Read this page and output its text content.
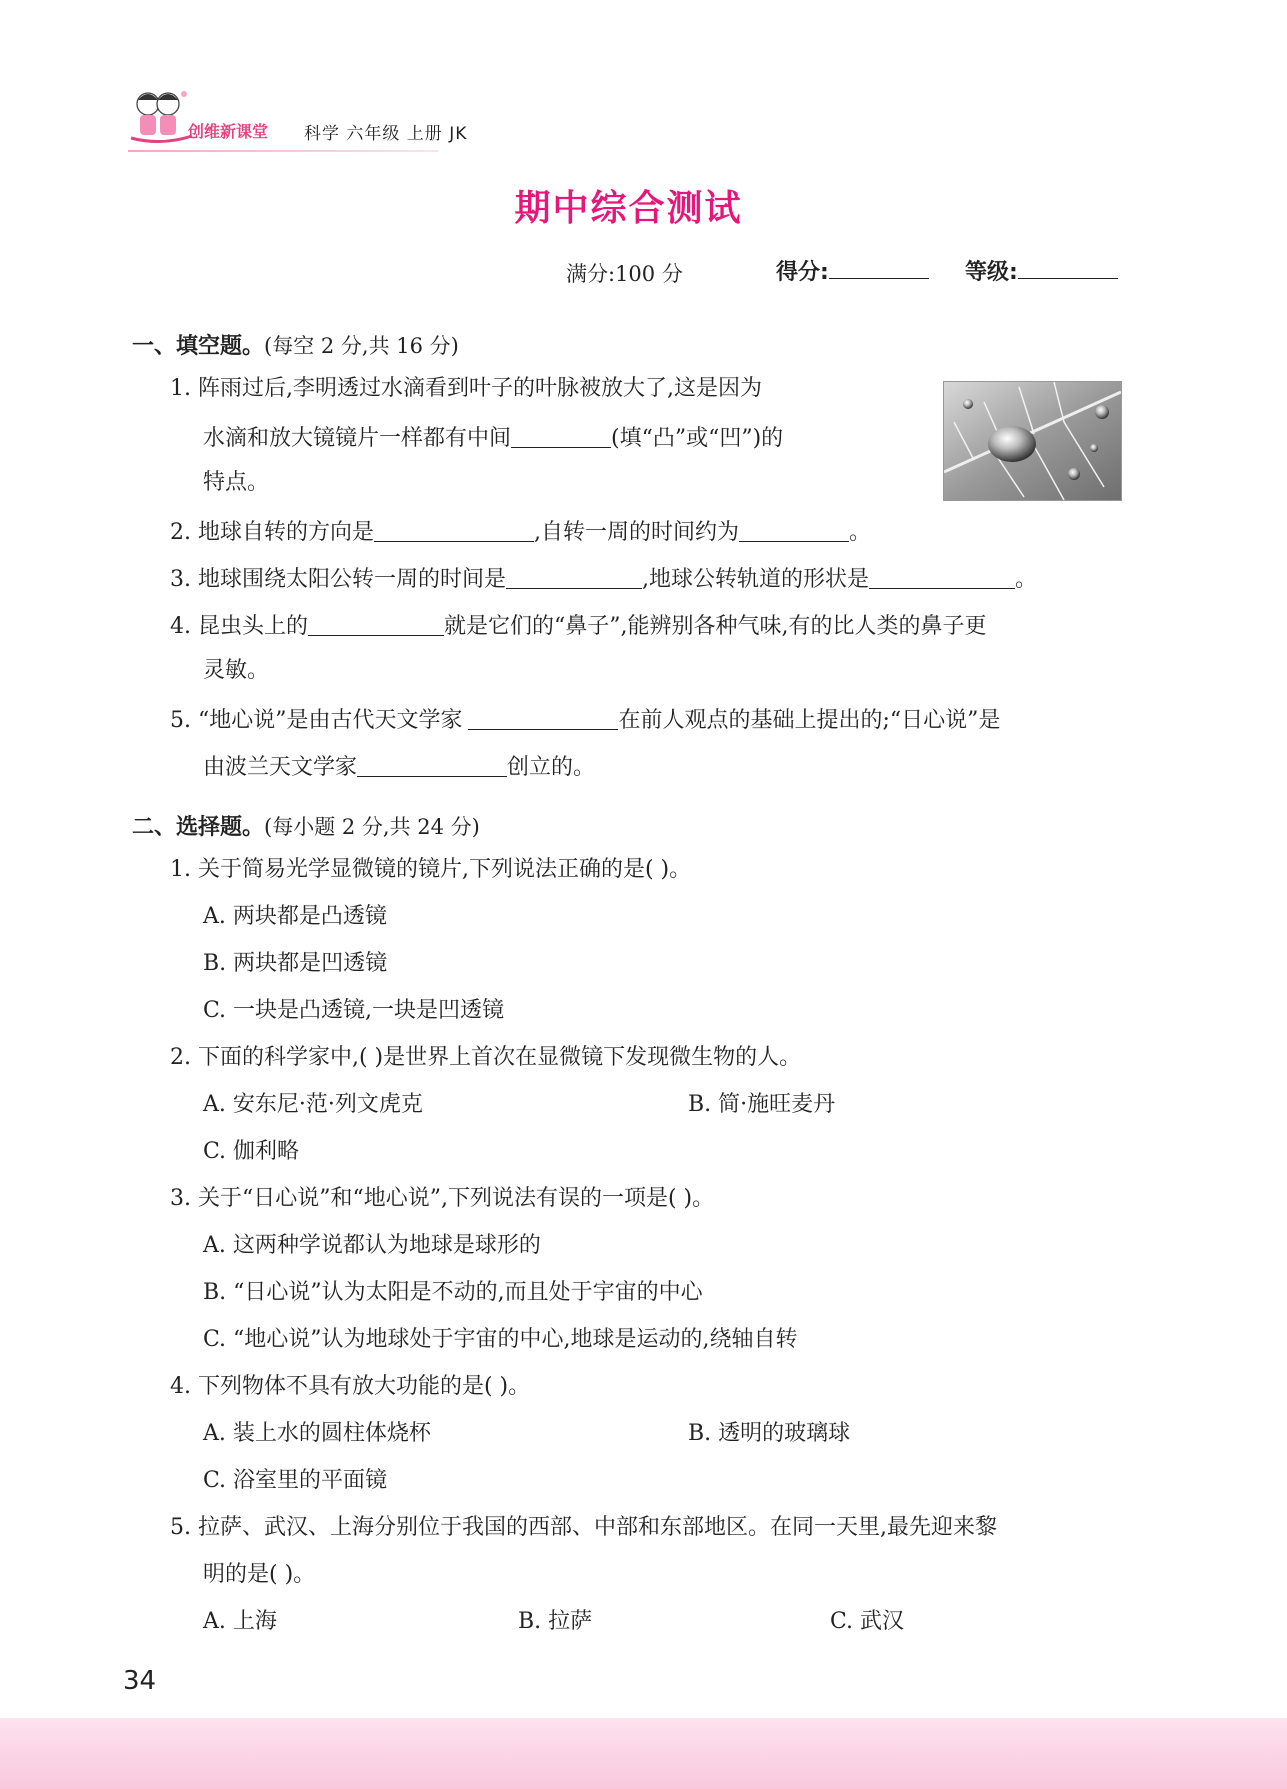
创维新课堂 科学 六年级 上册 JK
期中综合测试
满分:100 分	得分:	等级:
一、填空题。(每空 2 分,共 16 分)
1. 阵雨过后,李明透过水滴看到叶子的叶脉被放大了,这是因为
水滴和放大镜镜片一样都有中间	(填“凸”或“凹”)的
特点。
2. 地球自转的方向是	,自转一周的时间约为	。
3. 地球围绕太阳公转一周的时间是	,地球公转轨道的形状是	。
4. 昆虫头上的	就是它们的“鼻子”,能辨别各种气味,有的比人类的鼻子更
灵敏。
5. “地心说”是由古代天文学家	在前人观点的基础上提出的;“日心说”是
由波兰天文学家	创立的。
二、选择题。(每小题 2 分,共 24 分)
1. 关于简易光学显微镜的镜片,下列说法正确的是( )。
A. 两块都是凸透镜
B. 两块都是凹透镜
C. 一块是凸透镜,一块是凹透镜
2. 下面的科学家中,( )是世界上首次在显微镜下发现微生物的人。
A. 安东尼·范·列文虎克	B. 简·施旺麦丹
C. 伽利略
3. 关于“日心说”和“地心说”,下列说法有误的一项是( )。
A. 这两种学说都认为地球是球形的
B. “日心说”认为太阳是不动的,而且处于宇宙的中心
C. “地心说”认为地球处于宇宙的中心,地球是运动的,绕轴自转
4. 下列物体不具有放大功能的是( )。
A. 装上水的圆柱体烧杯	B. 透明的玻璃球
C. 浴室里的平面镜
5. 拉萨、武汉、上海分别位于我国的西部、中部和东部地区。在同一天里,最先迎来黎
明的是( )。
A. 上海	B. 拉萨	C. 武汉
34
